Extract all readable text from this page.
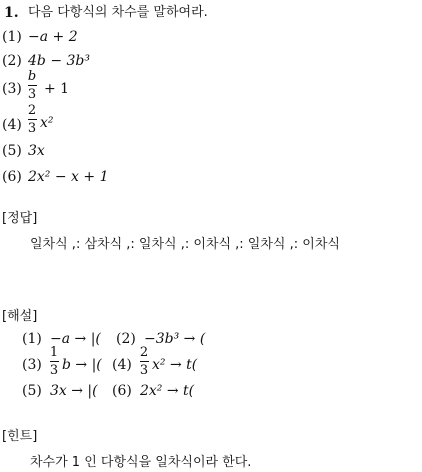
1. 다음 다항식의 차수를 말하여라.
(1) −a + 2
(2) 4b − 3b³
(3)
b
3 + 1
(4)
2
3 x²
(5) 3x
(6) 2x² − x + 1
[정답]
일차식 ,: 삼차식 ,: 일차식 ,: 이차식 ,: 일차식 ,: 이차식
[해설]
(1) −a → |( (2) −3b³ → (
(3)
1
3 b → |( (4)
2
3 x² → t(
(5) 3x → |( (6) 2x² → t(
[힌트]
차수가 1 인 다항식을 일차식이라 한다.
